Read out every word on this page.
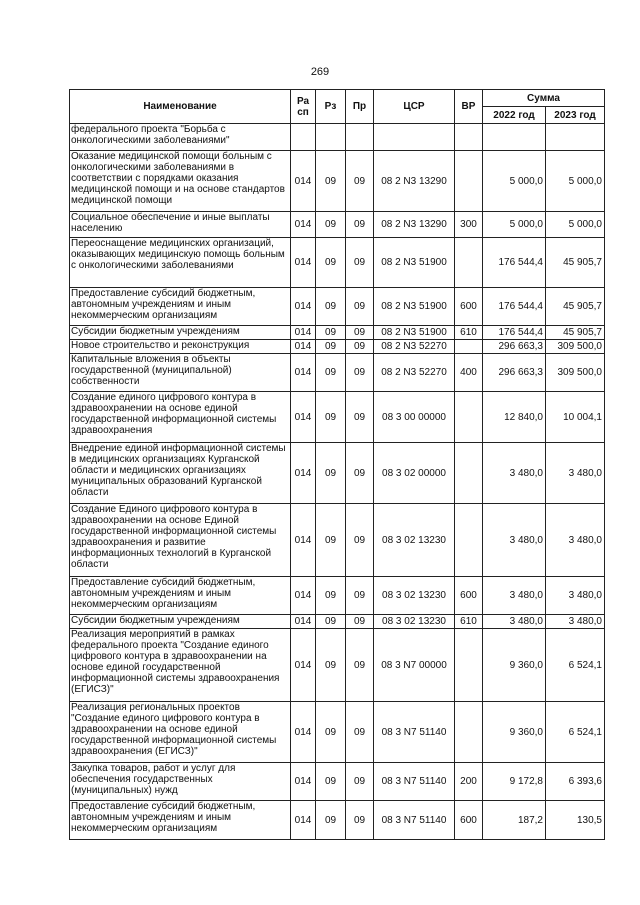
269
Наименование	Ра сп	Рз	Пр	ЦСР	ВР	Сумма	
						2022 год	2023 год
федерального проекта "Борьба с онкологическими заболеваниями"							
Оказание медицинской помощи больным с онкологическими заболеваниями в соответствии с порядками оказания медицинской помощи и на основе стандартов медицинской помощи	014	09	09	08 2 N3 13290		5 000,0	5 000,0
Социальное обеспечение и иные выплаты населению	014	09	09	08 2 N3 13290	300	5 000,0	5 000,0
Переоснащение медицинских организаций, оказывающих медицинскую помощь больным с онкологическими заболеваниями	014	09	09	08 2 N3 51900		176 544,4	45 905,7
Предоставление субсидий бюджетным, автономным учреждениям и иным некоммерческим организациям	014	09	09	08 2 N3 51900	600	176 544,4	45 905,7
Субсидии бюджетным учреждениям	014	09	09	08 2 N3 51900	610	176 544,4	45 905,7
Новое строительство и реконструкция	014	09	09	08 2 N3 52270		296 663,3	309 500,0
Капитальные вложения в объекты государственной (муниципальной) собственности	014	09	09	08 2 N3 52270	400	296 663,3	309 500,0
Создание единого цифрового контура в здравоохранении на основе единой государственной информационной системы здравоохранения	014	09	09	08 3 00 00000		12 840,0	10 004,1
Внедрение единой информационной системы в медицинских организациях Курганской области и медицинских организациях муниципальных образований Курганской области	014	09	09	08 3 02 00000		3 480,0	3 480,0
Создание Единого цифрового контура в здравоохранении на основе Единой государственной информационной системы здравоохранения и развитие информационных технологий в Курганской области	014	09	09	08 3 02 13230		3 480,0	3 480,0
Предоставление субсидий бюджетным, автономным учреждениям и иным некоммерческим организациям	014	09	09	08 3 02 13230	600	3 480,0	3 480,0
Субсидии бюджетным учреждениям	014	09	09	08 3 02 13230	610	3 480,0	3 480,0
Реализация мероприятий в рамках федерального проекта "Создание единого цифрового контура в здравоохранении на основе единой государственной информационной системы здравоохранения (ЕГИСЗ)"	014	09	09	08 3 N7 00000		9 360,0	6 524,1
Реализация региональных проектов "Создание единого цифрового контура в здравоохранении на основе единой государственной информационной системы здравоохранения (ЕГИСЗ)"	014	09	09	08 3 N7 51140		9 360,0	6 524,1
Закупка товаров, работ и услуг для обеспечения государственных (муниципальных) нужд	014	09	09	08 3 N7 51140	200	9 172,8	6 393,6
Предоставление субсидий бюджетным, автономным учреждениям и иным некоммерческим организациям	014	09	09	08 3 N7 51140	600	187,2	130,5
